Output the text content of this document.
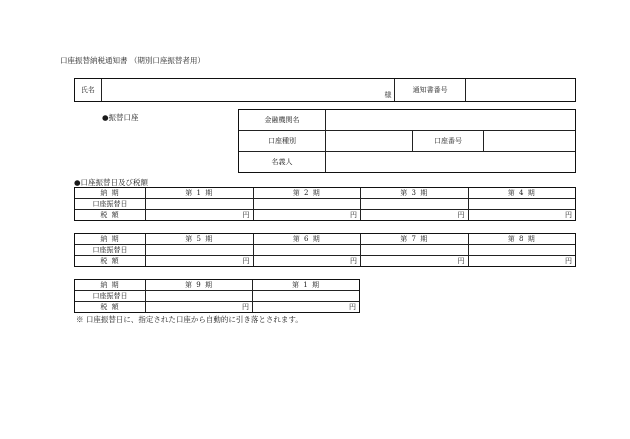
口座振替納税通知書 （期別口座振替者用）
氏名	様	通知書番号	
●振替口座	金融機関名			
口座種別		口座番号	
名義人			
●口座振替日及び税額
納 期	第 1 期	第 2 期	第 3 期	第 4 期
口座振替日				
税 額	円	円	円	円
納 期	第 5 期	第 6 期	第 7 期	第 8 期
口座振替日				
税 額	円	円	円	円
納 期	第 9 期	第 1 期
口座振替日		
税 額	円	円
※ 口座振替日に、指定された口座から自動的に引き落とされます。
